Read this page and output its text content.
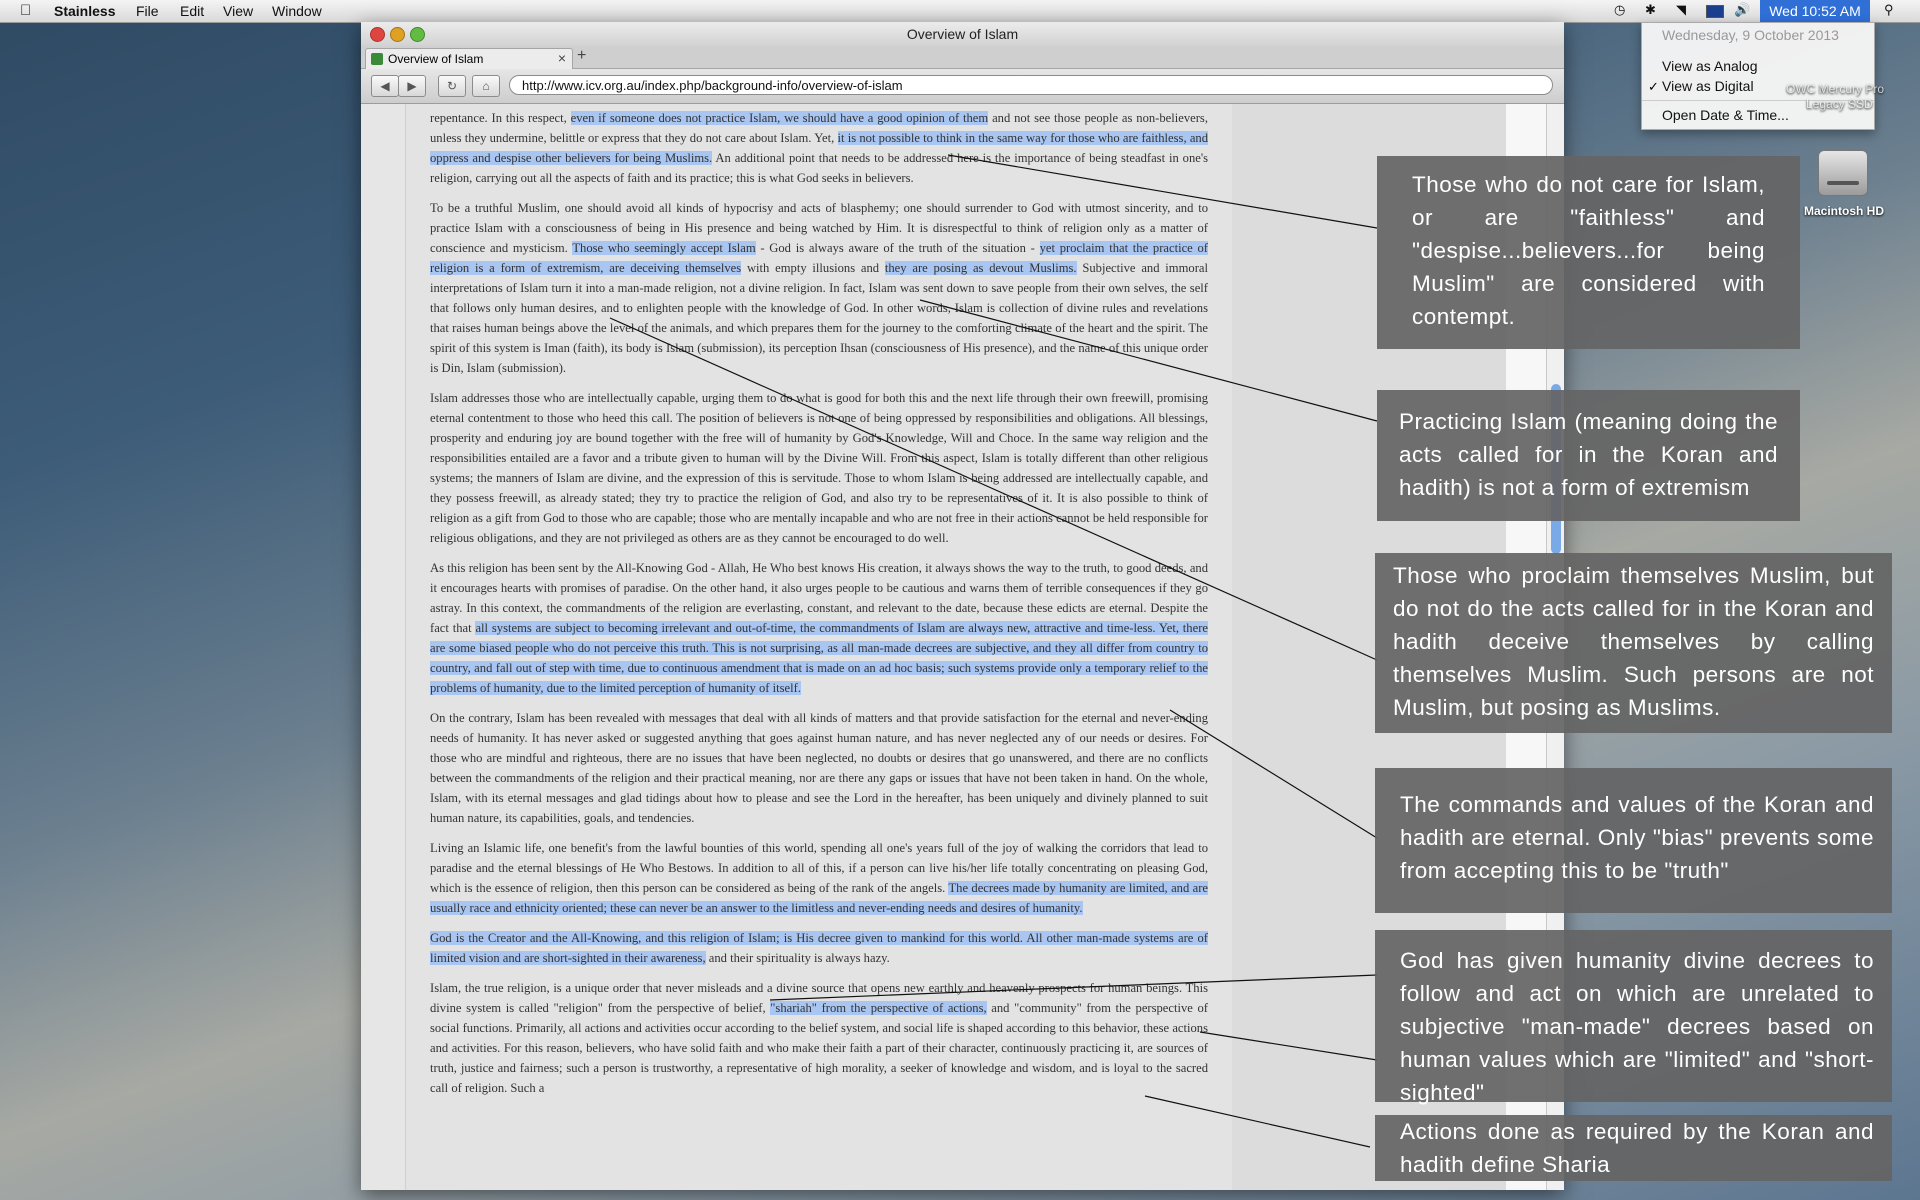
Stainless File Edit View Window	◷ ✱ ◥	🔊	Wed 10:52 AM	⚲
Wednesday, 9 October 2013
View as Analog
✓ View as Digital
Open Date & Time...
OWC Mercury Pro
Legacy SSD
Macintosh HD
Overview of Islam
Overview of Islam	× +
◀	▶	↻	⌂	http://www.icv.org.au/index.php/background-info/overview-of-islam

repentance. In this respect, even if someone does not practice Islam, we should have a good opinion of them and not see those people as non-believers, unless they undermine, belittle or express that they do not care about Islam. Yet, it is not possible to think in the same way for those who are faithless, and oppress and despise other believers for being Muslims. An additional point that needs to be addressed here is the importance of being steadfast in one's religion, carrying out all the aspects of faith and its practice; this is what God seeks in believers.

To be a truthful Muslim, one should avoid all kinds of hypocrisy and acts of blasphemy; one should surrender to God with utmost sincerity, and to practice Islam with a consciousness of being in His presence and being watched by Him. It is disrespectful to think of religion only as a matter of conscience and mysticism. Those who seemingly accept Islam - God is always aware of the truth of the situation - yet proclaim that the practice of religion is a form of extremism, are deceiving themselves with empty illusions and they are posing as devout Muslims. Subjective and immoral interpretations of Islam turn it into a man-made religion, not a divine religion. In fact, Islam was sent down to save people from their own selves, the self that follows only human desires, and to enlighten people with the knowledge of God. In other words, Islam is collection of divine rules and revelations that raises human beings above the level of the animals, and which prepares them for the journey to the comforting climate of the heart and the spirit. The spirit of this system is Iman (faith), its body is Islam (submission), its perception Ihsan (consciousness of His presence), and the name of this unique order is Din, Islam (submission).

Islam addresses those who are intellectually capable, urging them to do what is good for both this and the next life through their own freewill, promising eternal contentment to those who heed this call. The position of believers is not one of being oppressed by responsibilities and obligations. All blessings, prosperity and enduring joy are bound together with the free will of humanity by God's Knowledge, Will and Choce. In the same way religion and the responsibilities entailed are a favor and a tribute given to human will by the Divine Will. From this aspect, Islam is totally different than other religious systems; the manners of Islam are divine, and the expression of this is servitude. Those to whom Islam is being addressed are intellectually capable, and they possess freewill, as already stated; they try to practice the religion of God, and also try to be representatives of it. It is also possible to think of religion as a gift from God to those who are capable; those who are mentally incapable and who are not free in their actions cannot be held responsible for religious obligations, and they are not privileged as others are as they cannot be encouraged to do well.

As this religion has been sent by the All-Knowing God - Allah, He Who best knows His creation, it always shows the way to the truth, to good deeds, and it encourages hearts with promises of paradise. On the other hand, it also urges people to be cautious and warns them of terrible consequences if they go astray. In this context, the commandments of the religion are everlasting, constant, and relevant to the date, because these edicts are eternal. Despite the fact that all systems are subject to becoming irrelevant and out-of-time, the commandments of Islam are always new, attractive and time-less. Yet, there are some biased people who do not perceive this truth. This is not surprising, as all man-made decrees are subjective, and they all differ from country to country, and fall out of step with time, due to continuous amendment that is made on an ad hoc basis; such systems provide only a temporary relief to the problems of humanity, due to the limited perception of humanity of itself.

On the contrary, Islam has been revealed with messages that deal with all kinds of matters and that provide satisfaction for the eternal and never-ending needs of humanity. It has never asked or suggested anything that goes against human nature, and has never neglected any of our needs or desires. For those who are mindful and righteous, there are no issues that have been neglected, no doubts or desires that go unanswered, and there are no conflicts between the commandments of the religion and their practical meaning, nor are there any gaps or issues that have not been taken in hand. On the whole, Islam, with its eternal messages and glad tidings about how to please and see the Lord in the hereafter, has been uniquely and divinely planned to suit human nature, its capabilities, goals, and tendencies.

Living an Islamic life, one benefit's from the lawful bounties of this world, spending all one's years full of the joy of walking the corridors that lead to paradise and the eternal blessings of He Who Bestows. In addition to all of this, if a person can live his/her life totally concentrating on pleasing God, which is the essence of religion, then this person can be considered as being of the rank of the angels. The decrees made by humanity are limited, and are usually race and ethnicity oriented; these can never be an answer to the limitless and never-ending needs and desires of humanity.

God is the Creator and the All-Knowing, and this religion of Islam; is His decree given to mankind for this world. All other man-made systems are of limited vision and are short-sighted in their awareness, and their spirituality is always hazy.

Islam, the true religion, is a unique order that never misleads and a divine source that opens new earthly and heavenly prospects for human beings. This divine system is called "religion" from the perspective of belief, "shariah" from the perspective of actions, and "community" from the perspective of social functions. Primarily, all actions and activities occur according to the belief system, and social life is shaped according to this behavior, these actions and activities. For this reason, believers, who have solid faith and who make their faith a part of their character, continuously practicing it, are sources of truth, justice and fairness; such a person is trustworthy, a representative of high morality, a seeker of knowledge and wisdom, and is loyal to the sacred call of religion. Such a

Those who do not care for Islam, or are "faithless" and "despise...believers...for being Muslim" are considered with contempt.
Practicing Islam (meaning doing the acts called for in the Koran and hadith) is not a form of extremism
Those who proclaim themselves Muslim, but do not do the acts called for in the Koran and hadith deceive themselves by calling themselves Muslim. Such persons are not Muslim, but posing as Muslims.
The commands and values of the Koran and hadith are eternal. Only "bias" prevents some from accepting this to be "truth"
God has given humanity divine decrees to follow and act on which are unrelated to subjective "man-made" decrees based on human values which are "limited" and "short-sighted"
Actions done as required by the Koran and hadith define Sharia
